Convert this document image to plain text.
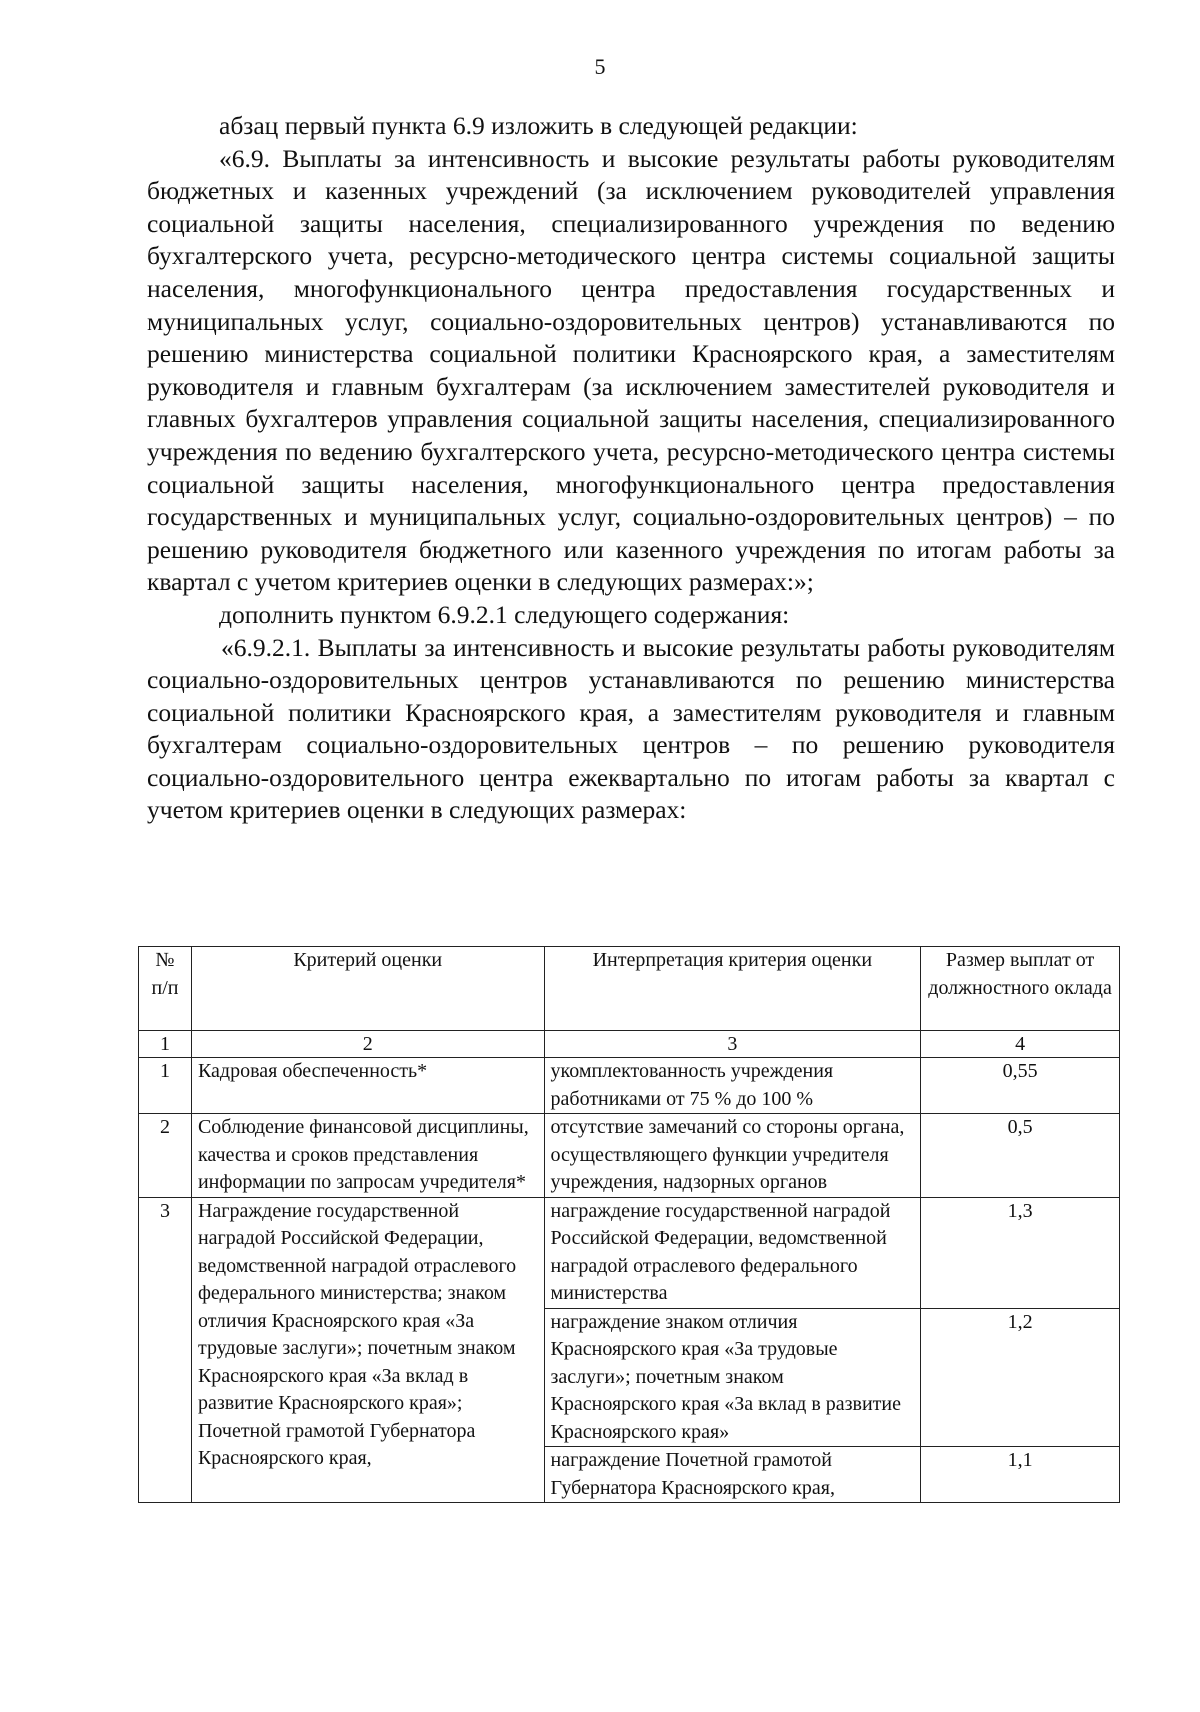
5

абзац первый пункта 6.9 изложить в следующей редакции:

«6.9. Выплаты за интенсивность и высокие результаты работы руководителям бюджетных и казенных учреждений (за исключением руководителей управления социальной защиты населения, специализированного учреждения по ведению бухгалтерского учета, ресурсно-методического центра системы социальной защиты населения, многофункционального центра предоставления государственных и муниципальных услуг, социально-оздоровительных центров) устанавливаются по решению министерства социальной политики Красноярского края, а заместителям руководителя и главным бухгалтерам (за исключением заместителей руководителя и главных бухгалтеров управления социальной защиты населения, специализированного учреждения по ведению бухгалтерского учета, ресурсно-методического центра системы социальной защиты населения, многофункционального центра предоставления государственных и муниципальных услуг, социально-оздоровительных центров) – по решению руководителя бюджетного или казенного учреждения по итогам работы за квартал с учетом критериев оценки в следующих размерах:»;

дополнить пунктом 6.9.2.1 следующего содержания:

«6.9.2.1. Выплаты за интенсивность и высокие результаты работы руководителям социально-оздоровительных центров устанавливаются по решению министерства социальной политики Красноярского края, а заместителям руководителя и главным бухгалтерам социально-оздоровительных центров – по решению руководителя социально-оздоровительного центра ежеквартально по итогам работы за квартал с учетом критериев оценки в следующих размерах:

№ п/п	Критерий оценки	Интерпретация критерия оценки	Размер выплат от должностного оклада
1	2	3	4
1	Кадровая обеспеченность*	укомплектованность учреждения работниками от 75 % до 100 %	0,55
2	Соблюдение финансовой дисциплины, качества и сроков представления информации по запросам учредителя*	отсутствие замечаний со стороны органа, осуществляющего функции учредителя учреждения, надзорных органов	0,5
3	Награждение государственной наградой Российской Федерации, ведомственной наградой отраслевого федерального министерства; знаком отличия Красноярского края «За трудовые заслуги»; почетным знаком Красноярского края «За вклад в развитие Красноярского края»; Почетной грамотой Губернатора Красноярского края,	награждение государственной наградой Российской Федерации, ведомственной наградой отраслевого федерального министерства	1,3
		награждение знаком отличия Красноярского края «За трудовые заслуги»; почетным знаком Красноярского края «За вклад в развитие Красноярского края»	1,2
		награждение Почетной грамотой Губернатора Красноярского края,	1,1
